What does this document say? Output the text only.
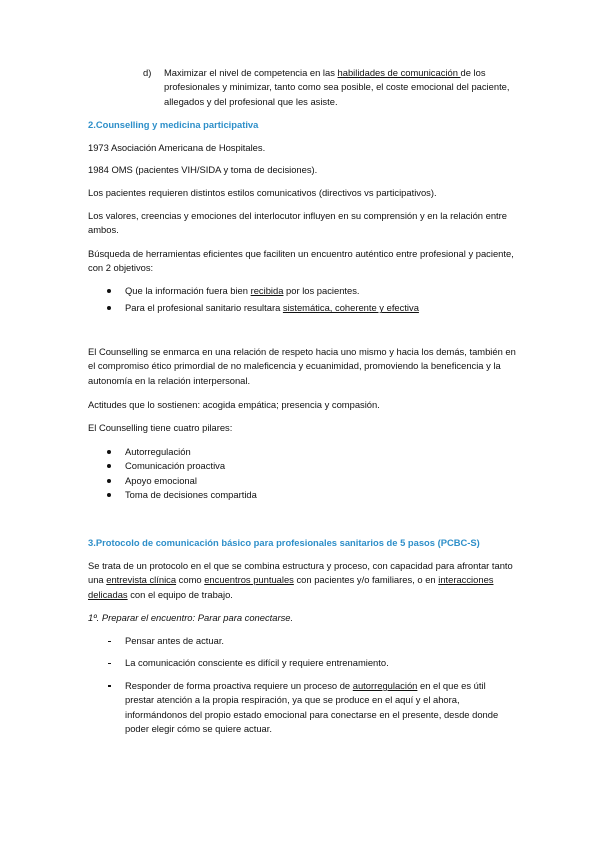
d) Maximizar el nivel de competencia en las habilidades de comunicación de los profesionales y minimizar, tanto como sea posible, el coste emocional del paciente, allegados y del profesional que les asiste.

2.Counselling y medicina participativa

1973 Asociación Americana de Hospitales.

1984 OMS (pacientes VIH/SIDA y toma de decisiones).

Los pacientes requieren distintos estilos comunicativos (directivos vs participativos).

Los valores, creencias y emociones del interlocutor influyen en su comprensión y en la relación entre ambos.

Búsqueda de herramientas eficientes que faciliten un encuentro auténtico entre profesional y paciente, con 2 objetivos:

Que la información fuera bien recibida por los pacientes.
Para el profesional sanitario resultara sistemática, coherente y efectiva

El Counselling se enmarca en una relación de respeto hacia uno mismo y hacia los demás, también en el compromiso ético primordial de no maleficencia y ecuanimidad, promoviendo la beneficencia y la autonomía en la relación interpersonal.

Actitudes que lo sostienen: acogida empática; presencia y compasión.

El Counselling tiene cuatro pilares:

Autorregulación
Comunicación proactiva
Apoyo emocional
Toma de decisiones compartida

3.Protocolo de comunicación básico para profesionales sanitarios de 5 pasos (PCBC-S)

Se trata de un protocolo en el que se combina estructura y proceso, con capacidad para afrontar tanto una entrevista clínica como encuentros puntuales con pacientes y/o familiares, o en interacciones delicadas con el equipo de trabajo.

1º. Preparar el encuentro: Parar para conectarse.

Pensar antes de actuar.
La comunicación consciente es difícil y requiere entrenamiento.
Responder de forma proactiva requiere un proceso de autorregulación en el que es útil prestar atención a la propia respiración, ya que se produce en el aquí y el ahora, informándonos del propio estado emocional para conectarse en el presente, desde donde poder elegir cómo se quiere actuar.
